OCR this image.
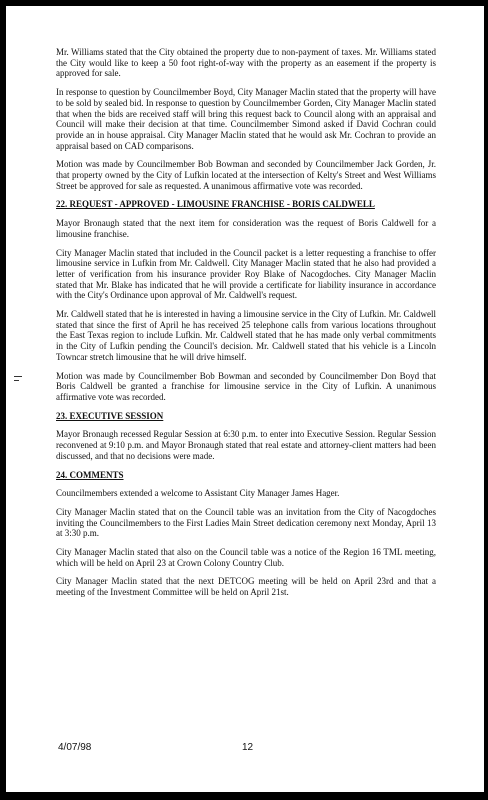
Mr. Williams stated that the City obtained the property due to non-payment of taxes. Mr. Williams stated the City would like to keep a 50 foot right-of-way with the property as an easement if the property is approved for sale.

In response to question by Councilmember Boyd, City Manager Maclin stated that the property will have to be sold by sealed bid. In response to question by Councilmember Gorden, City Manager Maclin stated that when the bids are received staff will bring this request back to Council along with an appraisal and Council will make their decision at that time. Councilmember Simond asked if David Cochran could provide an in house appraisal. City Manager Maclin stated that he would ask Mr. Cochran to provide an appraisal based on CAD comparisons.

Motion was made by Councilmember Bob Bowman and seconded by Councilmember Jack Gorden, Jr. that property owned by the City of Lufkin located at the intersection of Kelty's Street and West Williams Street be approved for sale as requested. A unanimous affirmative vote was recorded.

22. REQUEST - APPROVED - LIMOUSINE FRANCHISE - BORIS CALDWELL

Mayor Bronaugh stated that the next item for consideration was the request of Boris Caldwell for a limousine franchise.

City Manager Maclin stated that included in the Council packet is a letter requesting a franchise to offer limousine service in Lufkin from Mr. Caldwell. City Manager Maclin stated that he also had provided a letter of verification from his insurance provider Roy Blake of Nacogdoches. City Manager Maclin stated that Mr. Blake has indicated that he will provide a certificate for liability insurance in accordance with the City's Ordinance upon approval of Mr. Caldwell's request.

Mr. Caldwell stated that he is interested in having a limousine service in the City of Lufkin. Mr. Caldwell stated that since the first of April he has received 25 telephone calls from various locations throughout the East Texas region to include Lufkin. Mr. Caldwell stated that he has made only verbal commitments in the City of Lufkin pending the Council's decision. Mr. Caldwell stated that his vehicle is a Lincoln Towncar stretch limousine that he will drive himself.

Motion was made by Councilmember Bob Bowman and seconded by Councilmember Don Boyd that Boris Caldwell be granted a franchise for limousine service in the City of Lufkin. A unanimous affirmative vote was recorded.

23. EXECUTIVE SESSION

Mayor Bronaugh recessed Regular Session at 6:30 p.m. to enter into Executive Session. Regular Session reconvened at 9:10 p.m. and Mayor Bronaugh stated that real estate and attorney-client matters had been discussed, and that no decisions were made.

24. COMMENTS

Councilmembers extended a welcome to Assistant City Manager James Hager.

City Manager Maclin stated that on the Council table was an invitation from the City of Nacogdoches inviting the Councilmembers to the First Ladies Main Street dedication ceremony next Monday, April 13 at 3:30 p.m.

City Manager Maclin stated that also on the Council table was a notice of the Region 16 TML meeting, which will be held on April 23 at Crown Colony Country Club.

City Manager Maclin stated that the next DETCOG meeting will be held on April 23rd and that a meeting of the Investment Committee will be held on April 21st.

4/07/98	12
